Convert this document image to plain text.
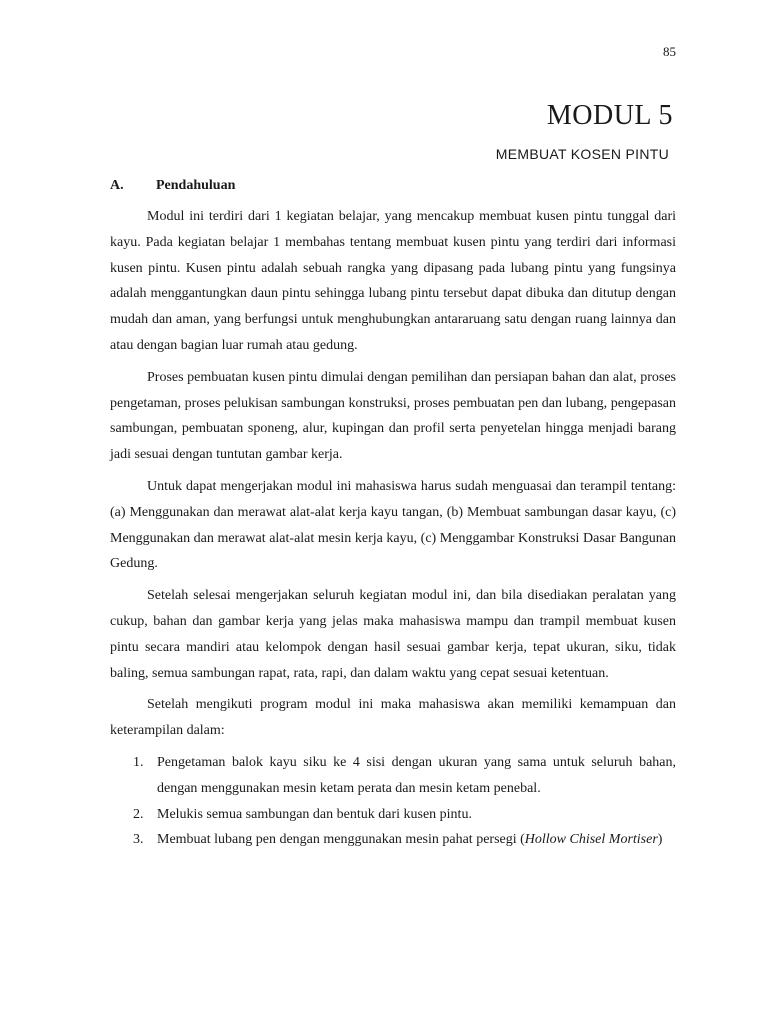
85
MODUL 5
MEMBUAT KOSEN PINTU
A. Pendahuluan

Modul ini terdiri dari 1 kegiatan belajar, yang mencakup membuat kusen pintu tunggal dari kayu. Pada kegiatan belajar 1 membahas tentang membuat kusen pintu yang terdiri dari informasi kusen pintu. Kusen pintu adalah sebuah rangka yang dipasang pada lubang pintu yang fungsinya adalah menggantungkan daun pintu sehingga lubang pintu tersebut dapat dibuka dan ditutup dengan mudah dan aman, yang berfungsi untuk menghubungkan antararuang satu dengan ruang lainnya dan atau dengan bagian luar rumah atau gedung.

Proses pembuatan kusen pintu dimulai dengan pemilihan dan persiapan bahan dan alat, proses pengetaman, proses pelukisan sambungan konstruksi, proses pembuatan pen dan lubang, pengepasan sambungan, pembuatan sponeng, alur, kupingan dan profil serta penyetelan hingga menjadi barang jadi sesuai dengan tuntutan gambar kerja.

Untuk dapat mengerjakan modul ini mahasiswa harus sudah menguasai dan terampil tentang: (a) Menggunakan dan merawat alat-alat kerja kayu tangan, (b) Membuat sambungan dasar kayu, (c) Menggunakan dan merawat alat-alat mesin kerja kayu, (c) Menggambar Konstruksi Dasar Bangunan Gedung.

Setelah selesai mengerjakan seluruh kegiatan modul ini, dan bila disediakan peralatan yang cukup, bahan dan gambar kerja yang jelas maka mahasiswa mampu dan trampil membuat kusen pintu secara mandiri atau kelompok dengan hasil sesuai gambar kerja, tepat ukuran, siku, tidak baling, semua sambungan rapat, rata, rapi, dan dalam waktu yang cepat sesuai ketentuan.

Setelah mengikuti program modul ini maka mahasiswa akan memiliki kemampuan dan keterampilan dalam:

1. Pengetaman balok kayu siku ke 4 sisi dengan ukuran yang sama untuk seluruh bahan, dengan menggunakan mesin ketam perata dan mesin ketam penebal.
2. Melukis semua sambungan dan bentuk dari kusen pintu.
3. Membuat lubang pen dengan menggunakan mesin pahat persegi (Hollow Chisel Mortiser)
